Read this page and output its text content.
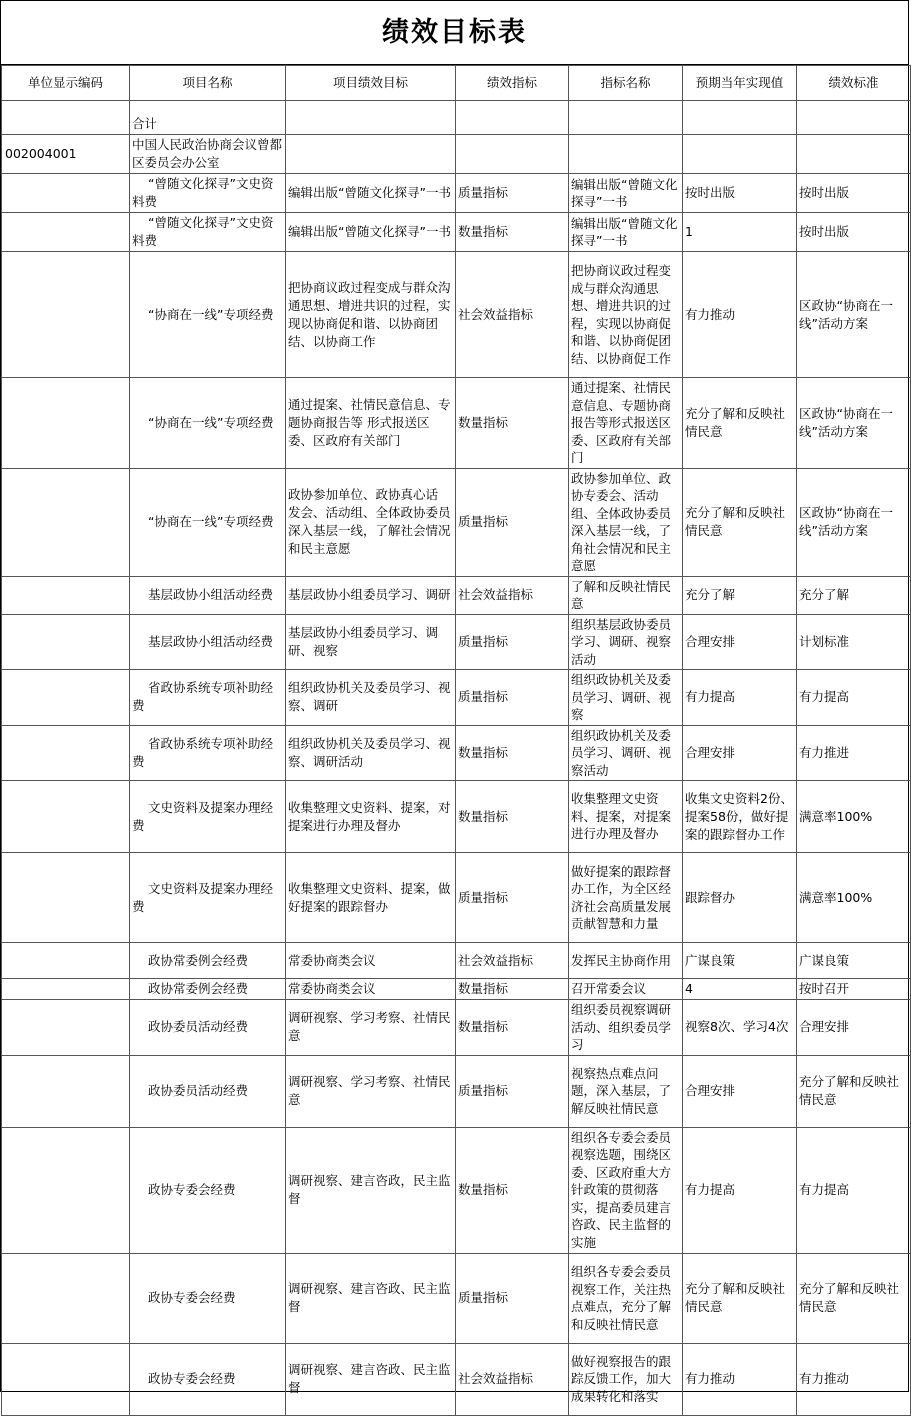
绩效目标表
单位显示编码	项目名称	项目绩效目标	绩效指标	指标名称	预期当年实现值	绩效标准
	合计					
002004001	中国人民政治协商会议曾都区委员会办公室					
	“曾随文化探寻”文史资料费	编辑出版“曾随文化探寻”一书	质量指标	编辑出版“曾随文化探寻”一书	按时出版	按时出版
	“曾随文化探寻”文史资料费	编辑出版“曾随文化探寻”一书	数量指标	编辑出版“曾随文化探寻”一书	1	按时出版
	“协商在一线”专项经费	把协商议政过程变成与群众沟通思想、增进共识的过程，实现以协商促和谐、以协商团结、以协商工作	社会效益指标	把协商议政过程变成与群众沟通思想、增进共识的过程，实现以协商促和谐、以协商促团结、以协商促工作	有力推动	区政协“协商在一线”活动方案
	“协商在一线”专项经费	通过提案、社情民意信息、专题协商报告等 形式报送区委、区政府有关部门	数量指标	通过提案、社情民意信息、专题协商报告等形式报送区委、区政府有关部门	充分了解和反映社情民意	区政协“协商在一线”活动方案
	“协商在一线”专项经费	政协参加单位、政协真心话 发会、活动组、全体政协委员深入基层一线，了解社会情况和民主意愿	质量指标	政协参加单位、政协专委会、活动组、全体政协委员深入基层一线，了角社会情况和民主意愿	充分了解和反映社情民意	区政协“协商在一线”活动方案
	基层政协小组活动经费	基层政协小组委员学习、调研	社会效益指标	了解和反映社情民意	充分了解	充分了解
	基层政协小组活动经费	基层政协小组委员学习、调研、视察	质量指标	组织基层政协委员学习、调研、视察活动	合理安排	计划标准
	省政协系统专项补助经费	组织政协机关及委员学习、视察、调研	质量指标	组织政协机关及委员学习、调研、视察	有力提高	有力提高
	省政协系统专项补助经费	组织政协机关及委员学习、视察、调研活动	数量指标	组织政协机关及委员学习、调研、视察活动	合理安排	有力推进
	文史资料及提案办理经费	收集整理文史资料、提案，对提案进行办理及督办	数量指标	收集整理文史资料、提案，对提案进行办理及督办	收集文史资料2份、提案58份，做好提案的跟踪督办工作	满意率100%
	文史资料及提案办理经费	收集整理文史资料、提案，做好提案的跟踪督办	质量指标	做好提案的跟踪督办工作，为全区经济社会高质量发展贡献智慧和力量	跟踪督办	满意率100%
	政协常委例会经费	常委协商类会议	社会效益指标	发挥民主协商作用	广谋良策	广谋良策
	政协常委例会经费	常委协商类会议	数量指标	召开常委会议	4	按时召开
	政协委员活动经费	调研视察、学习考察、社情民意	数量指标	组织委员视察调研活动、组织委员学习	视察8次、学习4次	合理安排
	政协委员活动经费	调研视察、学习考察、社情民意	质量指标	视察热点难点问题，深入基层，了解反映社情民意	合理安排	充分了解和反映社情民意
	政协专委会经费	调研视察、建言咨政，民主监督	数量指标	组织各专委会委员视察选题，围绕区委、区政府重大方针政策的贯彻落实，提高委员建言咨政、民主监督的实施	有力提高	有力提高
	政协专委会经费	调研视察、建言咨政、民主监督	质量指标	组织各专委会委员视察工作，关注热点难点，充分了解和反映社情民意	充分了解和反映社情民意	充分了解和反映社情民意
	政协专委会经费	调研视察、建言咨政、民主监督	社会效益指标	做好视察报告的跟踪反馈工作，加大成果转化和落实	有力推动	有力推动
